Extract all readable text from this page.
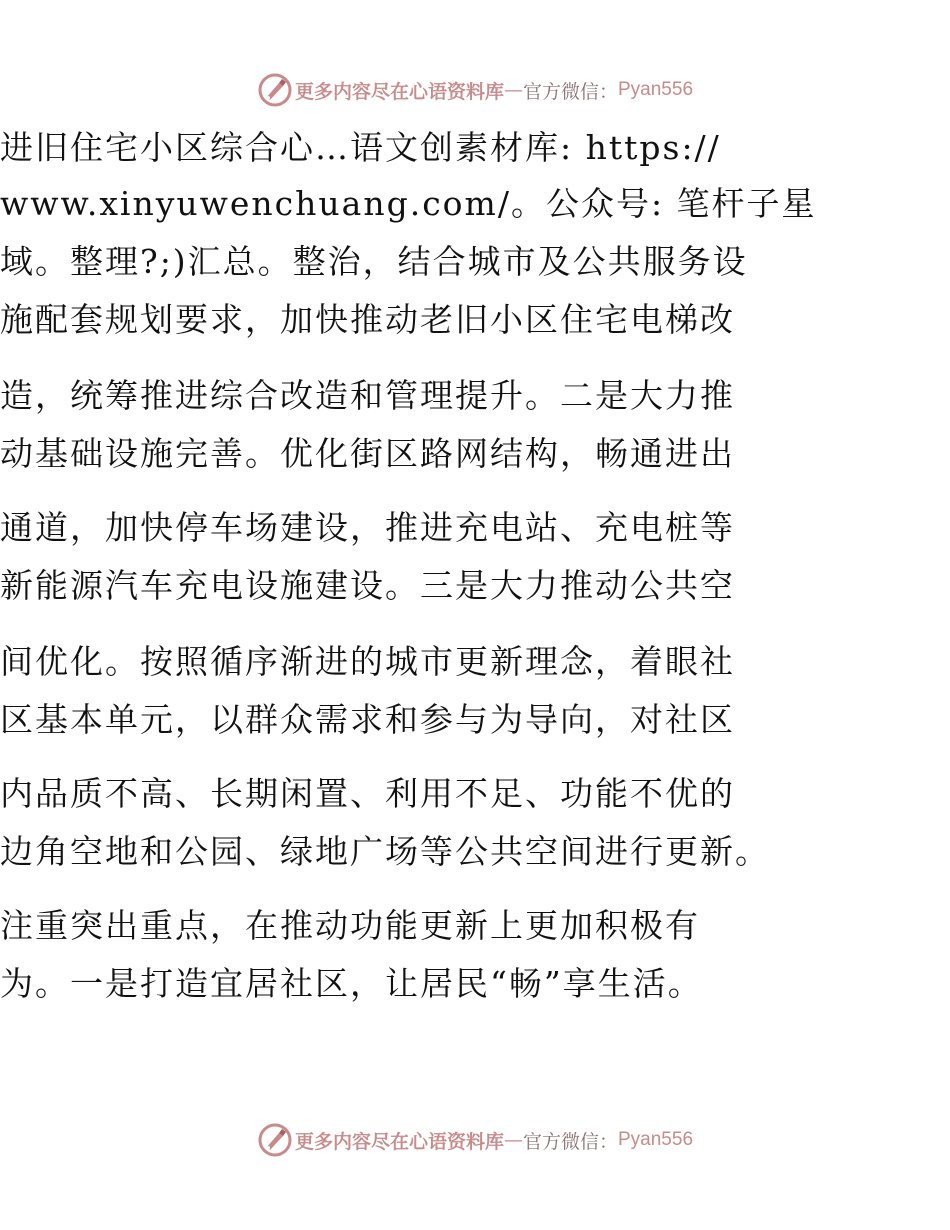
更多内容尽在心语资料库 — 官方微信： Pyan556
进旧住宅小区综合心…语文创素材库: https://
www.xinyuwenchuang.com/。公众号: 笔杆子星
域。整理?;)汇总。整治，结合城市及公共服务设
施配套规划要求，加快推动老旧小区住宅电梯改
造，统筹推进综合改造和管理提升。二是大力推
动基础设施完善。优化街区路网结构，畅通进出
通道，加快停车场建设，推进充电站、充电桩等
新能源汽车充电设施建设。三是大力推动公共空
间优化。按照循序渐进的城市更新理念，着眼社
区基本单元，以群众需求和参与为导向，对社区
内品质不高、长期闲置、利用不足、功能不优的
边角空地和公园、绿地广场等公共空间进行更新。
注重突出重点，在推动功能更新上更加积极有
为。一是打造宜居社区，让居民“畅”享生活。
更多内容尽在心语资料库 — 官方微信： Pyan556
